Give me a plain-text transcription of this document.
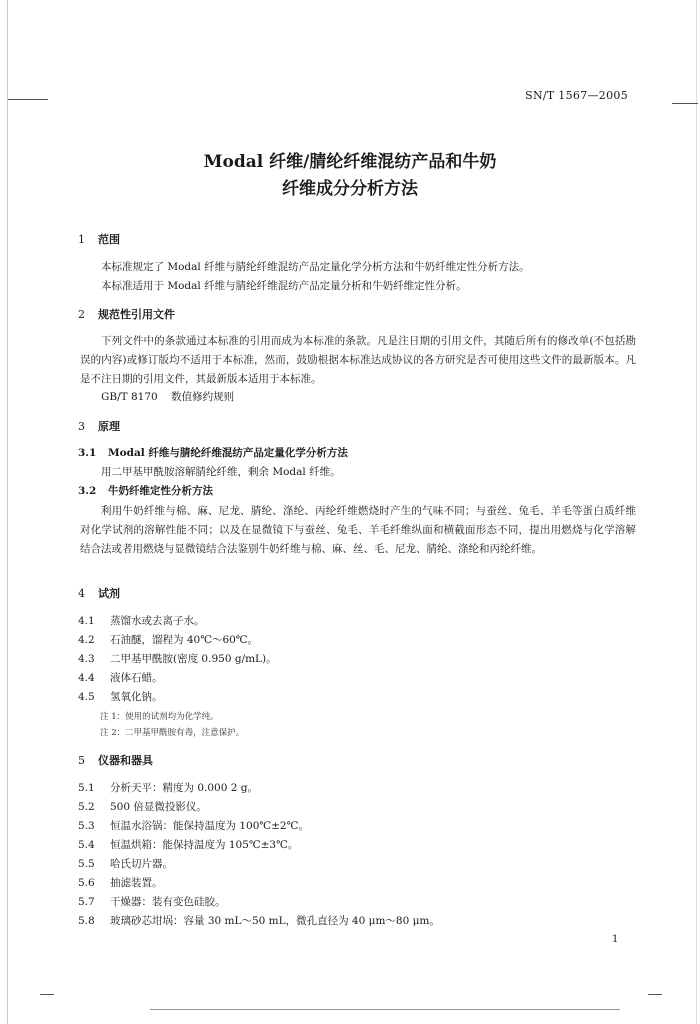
SN/T 1567—2005
Modal 纤维/腈纶纤维混纺产品和牛奶
纤维成分分析方法
1 范围
本标准规定了 Modal 纤维与腈纶纤维混纺产品定量化学分析方法和牛奶纤维定性分析方法。
本标准适用于 Modal 纤维与腈纶纤维混纺产品定量分析和牛奶纤维定性分析。
2 规范性引用文件
下列文件中的条款通过本标准的引用而成为本标准的条款。凡是注日期的引用文件，其随后所有的修改单(不包括勘误的内容)或修订版均不适用于本标准，然而，鼓励根据本标准达成协议的各方研究是否可使用这些文件的最新版本。凡是不注日期的引用文件，其最新版本适用于本标准。
GB/T 8170 数值修约规则
3 原理
3.1 Modal 纤维与腈纶纤维混纺产品定量化学分析方法
用二甲基甲酰胺溶解腈纶纤维，剩余 Modal 纤维。
3.2 牛奶纤维定性分析方法
利用牛奶纤维与棉、麻、尼龙、腈纶、涤纶、丙纶纤维燃烧时产生的气味不同；与蚕丝、兔毛、羊毛等蛋白质纤维对化学试剂的溶解性能不同；以及在显微镜下与蚕丝、兔毛、羊毛纤维纵面和横截面形态不同，提出用燃烧与化学溶解结合法或者用燃烧与显微镜结合法鉴别牛奶纤维与棉、麻、丝、毛、尼龙、腈纶、涤纶和丙纶纤维。
4 试剂
4.1 蒸馏水或去离子水。
4.2 石油醚，馏程为 40℃～60℃。
4.3 二甲基甲酰胺(密度 0.950 g/mL)。
4.4 液体石蜡。
4.5 氢氧化钠。
注 1：使用的试剂均为化学纯。
注 2：二甲基甲酰胺有毒，注意保护。
5 仪器和器具
5.1 分析天平：精度为 0.000 2 g。
5.2 500 倍显微投影仪。
5.3 恒温水浴锅：能保持温度为 100℃±2℃。
5.4 恒温烘箱：能保持温度为 105℃±3℃。
5.5 哈氏切片器。
5.6 抽滤装置。
5.7 干燥器：装有变色硅胶。
5.8 玻璃砂芯坩埚：容量 30 mL～50 mL，微孔直径为 40 μm～80 μm。
1
